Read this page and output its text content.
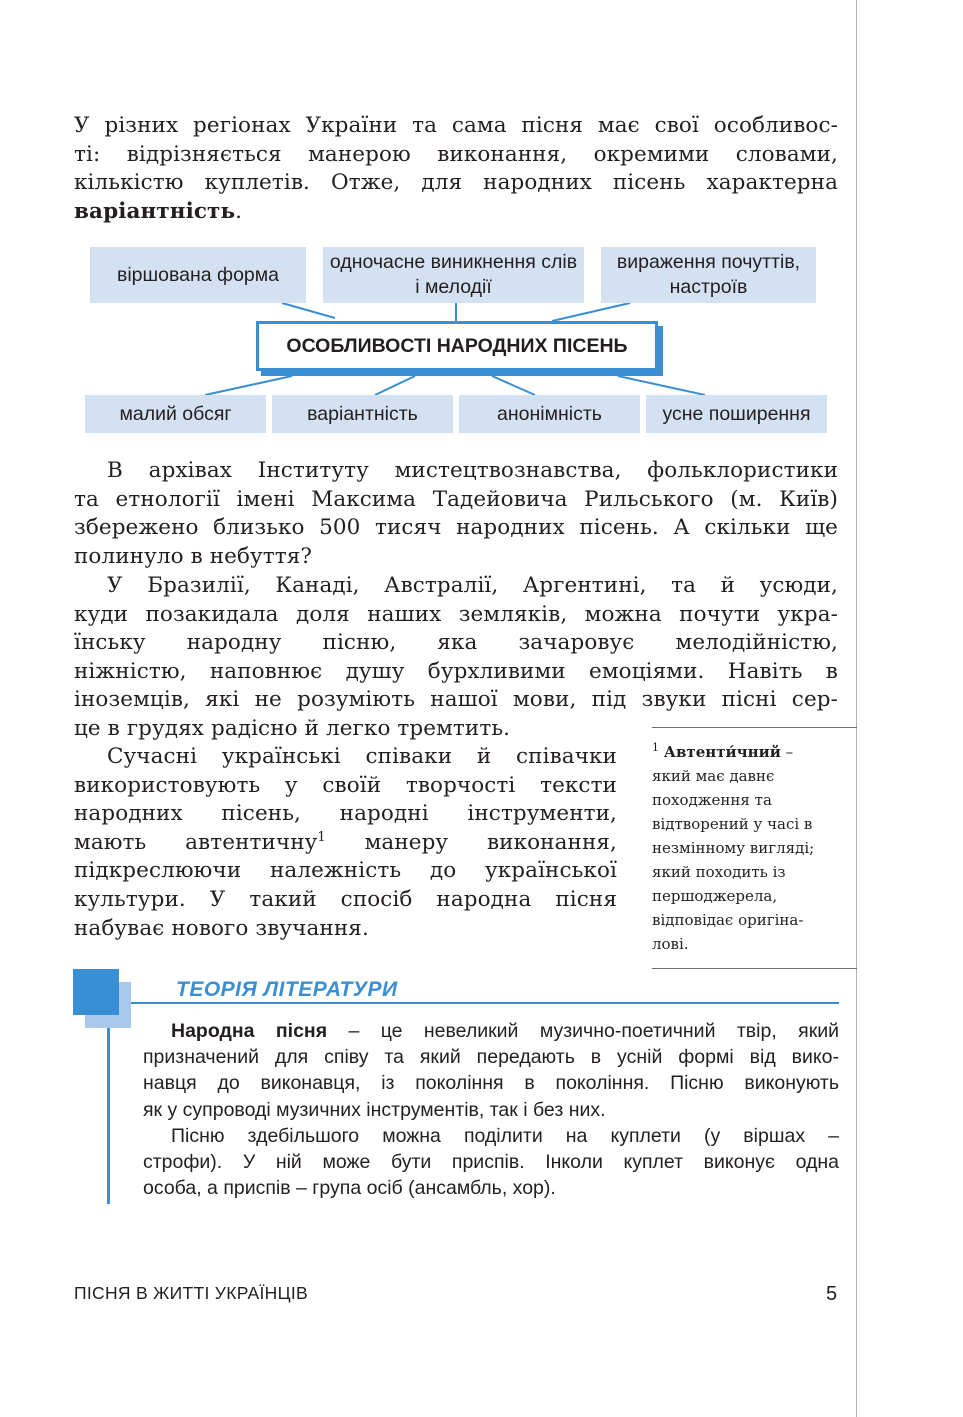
У різних регіонах України та сама пісня має свої особливос-
ті: відрізняється манерою виконання, окремими словами,
кількістю куплетів. Отже, для народних пісень характерна
варіантність.
віршована форма
одночасне виникнення слів і мелодії
вираження почуттів, настроїв
ОСОБЛИВОСТІ НАРОДНИХ ПІСЕНЬ
малий обсяг	варіантність	анонімність	усне поширення
В архівах Інституту мистецтвознавства, фольклористики
та етнології імені Максима Тадейовича Рильського (м. Київ)
збережено близько 500 тисяч народних пісень. А скільки ще
полинуло в небуття?
У Бразилії, Канаді, Австралії, Аргентині, та й усюди,
куди позакидала доля наших земляків, можна почути укра-
їнську народну пісню, яка зачаровує мелодійністю,
ніжністю, наповнює душу бурхливими емоціями. Навіть в
іноземців, які не розуміють нашої мови, під звуки пісні сер-
це в грудях радісно й легко тремтить.
Сучасні українські співаки й співачки
використовують у своїй творчості тексти
народних пісень, народні інструменти,
мають автентичну$^1$ манеру виконання,
підкреслюючи належність до української
культури. У такий спосіб народна пісня
набуває нового звучання.
$^1$ Автенти́чний –
який має давнє
походження та
відтворений у часі в
незмінному вигляді;
який походить із
першоджерела,
відповідає оригіна-
лові.
ТЕОРІЯ ЛІТЕРАТУРИ
Народна пісня – це невеликий музично-поетичний твір, який
призначений для співу та який передають в усній формі від вико-
навця до виконавця, із покоління в покоління. Пісню виконують
як у супроводі музичних інструментів, так і без них.
Пісню здебільшого можна поділити на куплети (у віршах –
строфи). У ній може бути приспів. Інколи куплет виконує одна
особа, а приспів – група осіб (ансамбль, хор).
ПІСНЯ В ЖИТТІ УКРАЇНЦІВ	5
